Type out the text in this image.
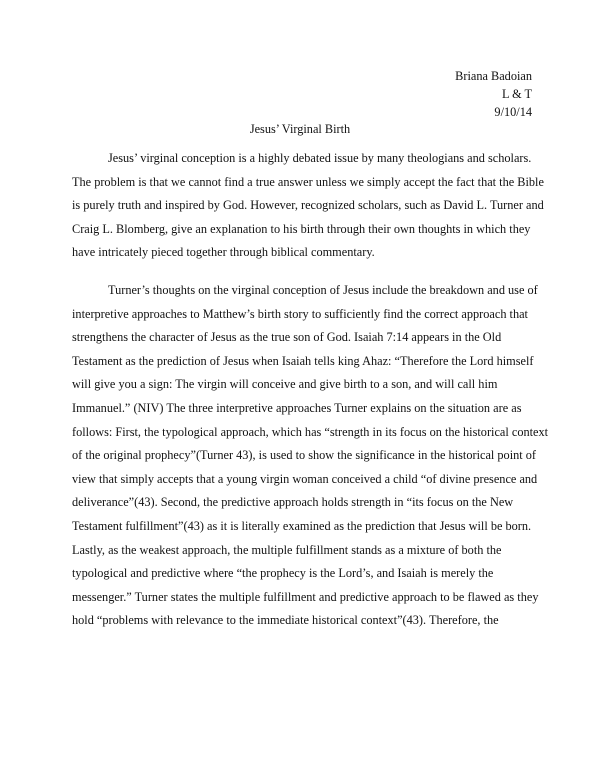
Briana Badoian
L & T
9/10/14
Jesus’ Virginal Birth
Jesus’ virginal conception is a highly debated issue by many theologians and scholars.
The problem is that we cannot find a true answer unless we simply accept the fact that the Bible
is purely truth and inspired by God. However, recognized scholars, such as David L. Turner and
Craig L. Blomberg, give an explanation to his birth through their own thoughts in which they
have intricately pieced together through biblical commentary.
Turner’s thoughts on the virginal conception of Jesus include the breakdown and use of
interpretive approaches to Matthew’s birth story to sufficiently find the correct approach that
strengthens the character of Jesus as the true son of God. Isaiah 7:14 appears in the Old
Testament as the prediction of Jesus when Isaiah tells king Ahaz: “Therefore the Lord himself
will give you a sign: The virgin will conceive and give birth to a son, and will call him
Immanuel.” (NIV) The three interpretive approaches Turner explains on the situation are as
follows: First, the typological approach, which has “strength in its focus on the historical context
of the original prophecy”(Turner 43), is used to show the significance in the historical point of
view that simply accepts that a young virgin woman conceived a child “of divine presence and
deliverance”(43). Second, the predictive approach holds strength in “its focus on the New
Testament fulfillment”(43) as it is literally examined as the prediction that Jesus will be born.
Lastly, as the weakest approach, the multiple fulfillment stands as a mixture of both the
typological and predictive where “the prophecy is the Lord’s, and Isaiah is merely the
messenger.” Turner states the multiple fulfillment and predictive approach to be flawed as they
hold “problems with relevance to the immediate historical context”(43). Therefore, the
